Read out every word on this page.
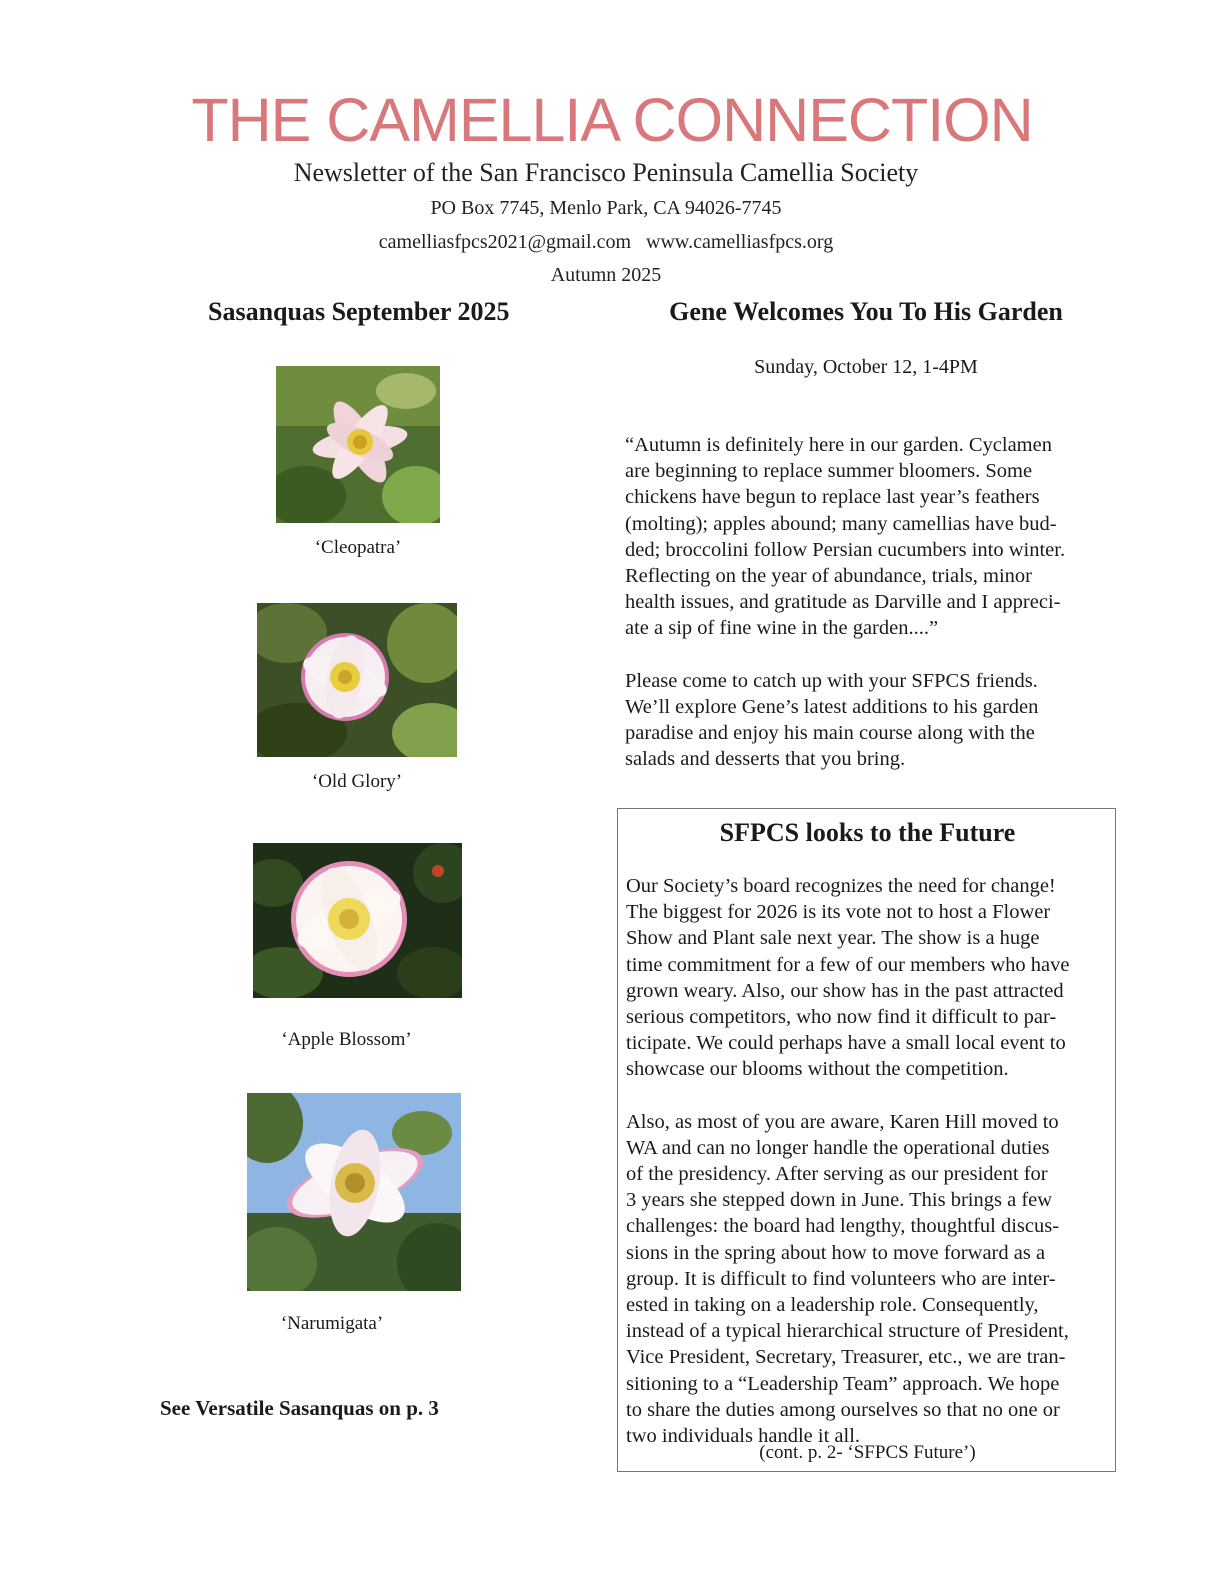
THE CAMELLIA CONNECTION
Newsletter of the San Francisco Peninsula Camellia Society
PO Box 7745, Menlo Park, CA 94026-7745
camelliasfpcs2021@gmail.com   www.camelliasfpcs.org
Autumn 2025
Sasanquas September 2025
‘Cleopatra’
‘Old Glory’
‘Apple Blossom’
‘Narumigata’
See Versatile Sasanquas on p. 3
Gene Welcomes You To His Garden
Sunday, October 12, 1-4PM
“Autumn is definitely here in our garden. Cyclamen
are beginning to replace summer bloomers. Some
chickens have begun to replace last year’s feathers
(molting); apples abound; many camellias have bud-
ded; broccolini follow Persian cucumbers into winter.
Reflecting on the year of abundance, trials, minor
health issues, and gratitude as Darville and I appreci-
ate a sip of fine wine in the garden....”
Please come to catch up with your SFPCS friends.
We’ll explore Gene’s latest additions to his garden
paradise and enjoy his main course along with the
salads and desserts that you bring.
SFPCS looks to the Future
Our Society’s board recognizes the need for change!
The biggest for 2026 is its vote not to host a Flower
Show and Plant sale next year. The show is a huge
time commitment for a few of our members who have
grown weary. Also, our show has in the past attracted
serious competitors, who now find it difficult to par-
ticipate. We could perhaps have a small local event to
showcase our blooms without the competition.
Also, as most of you are aware, Karen Hill moved to
WA and can no longer handle the operational duties
of the presidency. After serving as our president for
3 years she stepped down in June. This brings a few
challenges: the board had lengthy, thoughtful discus-
sions in the spring about how to move forward as a
group. It is difficult to find volunteers who are inter-
ested in taking on a leadership role. Consequently,
instead of a typical hierarchical structure of President,
Vice President, Secretary, Treasurer, etc., we are tran-
sitioning to a “Leadership Team” approach. We hope
to share the duties among ourselves so that no one or
two individuals handle it all.
(cont. p. 2- ‘SFPCS Future’)
